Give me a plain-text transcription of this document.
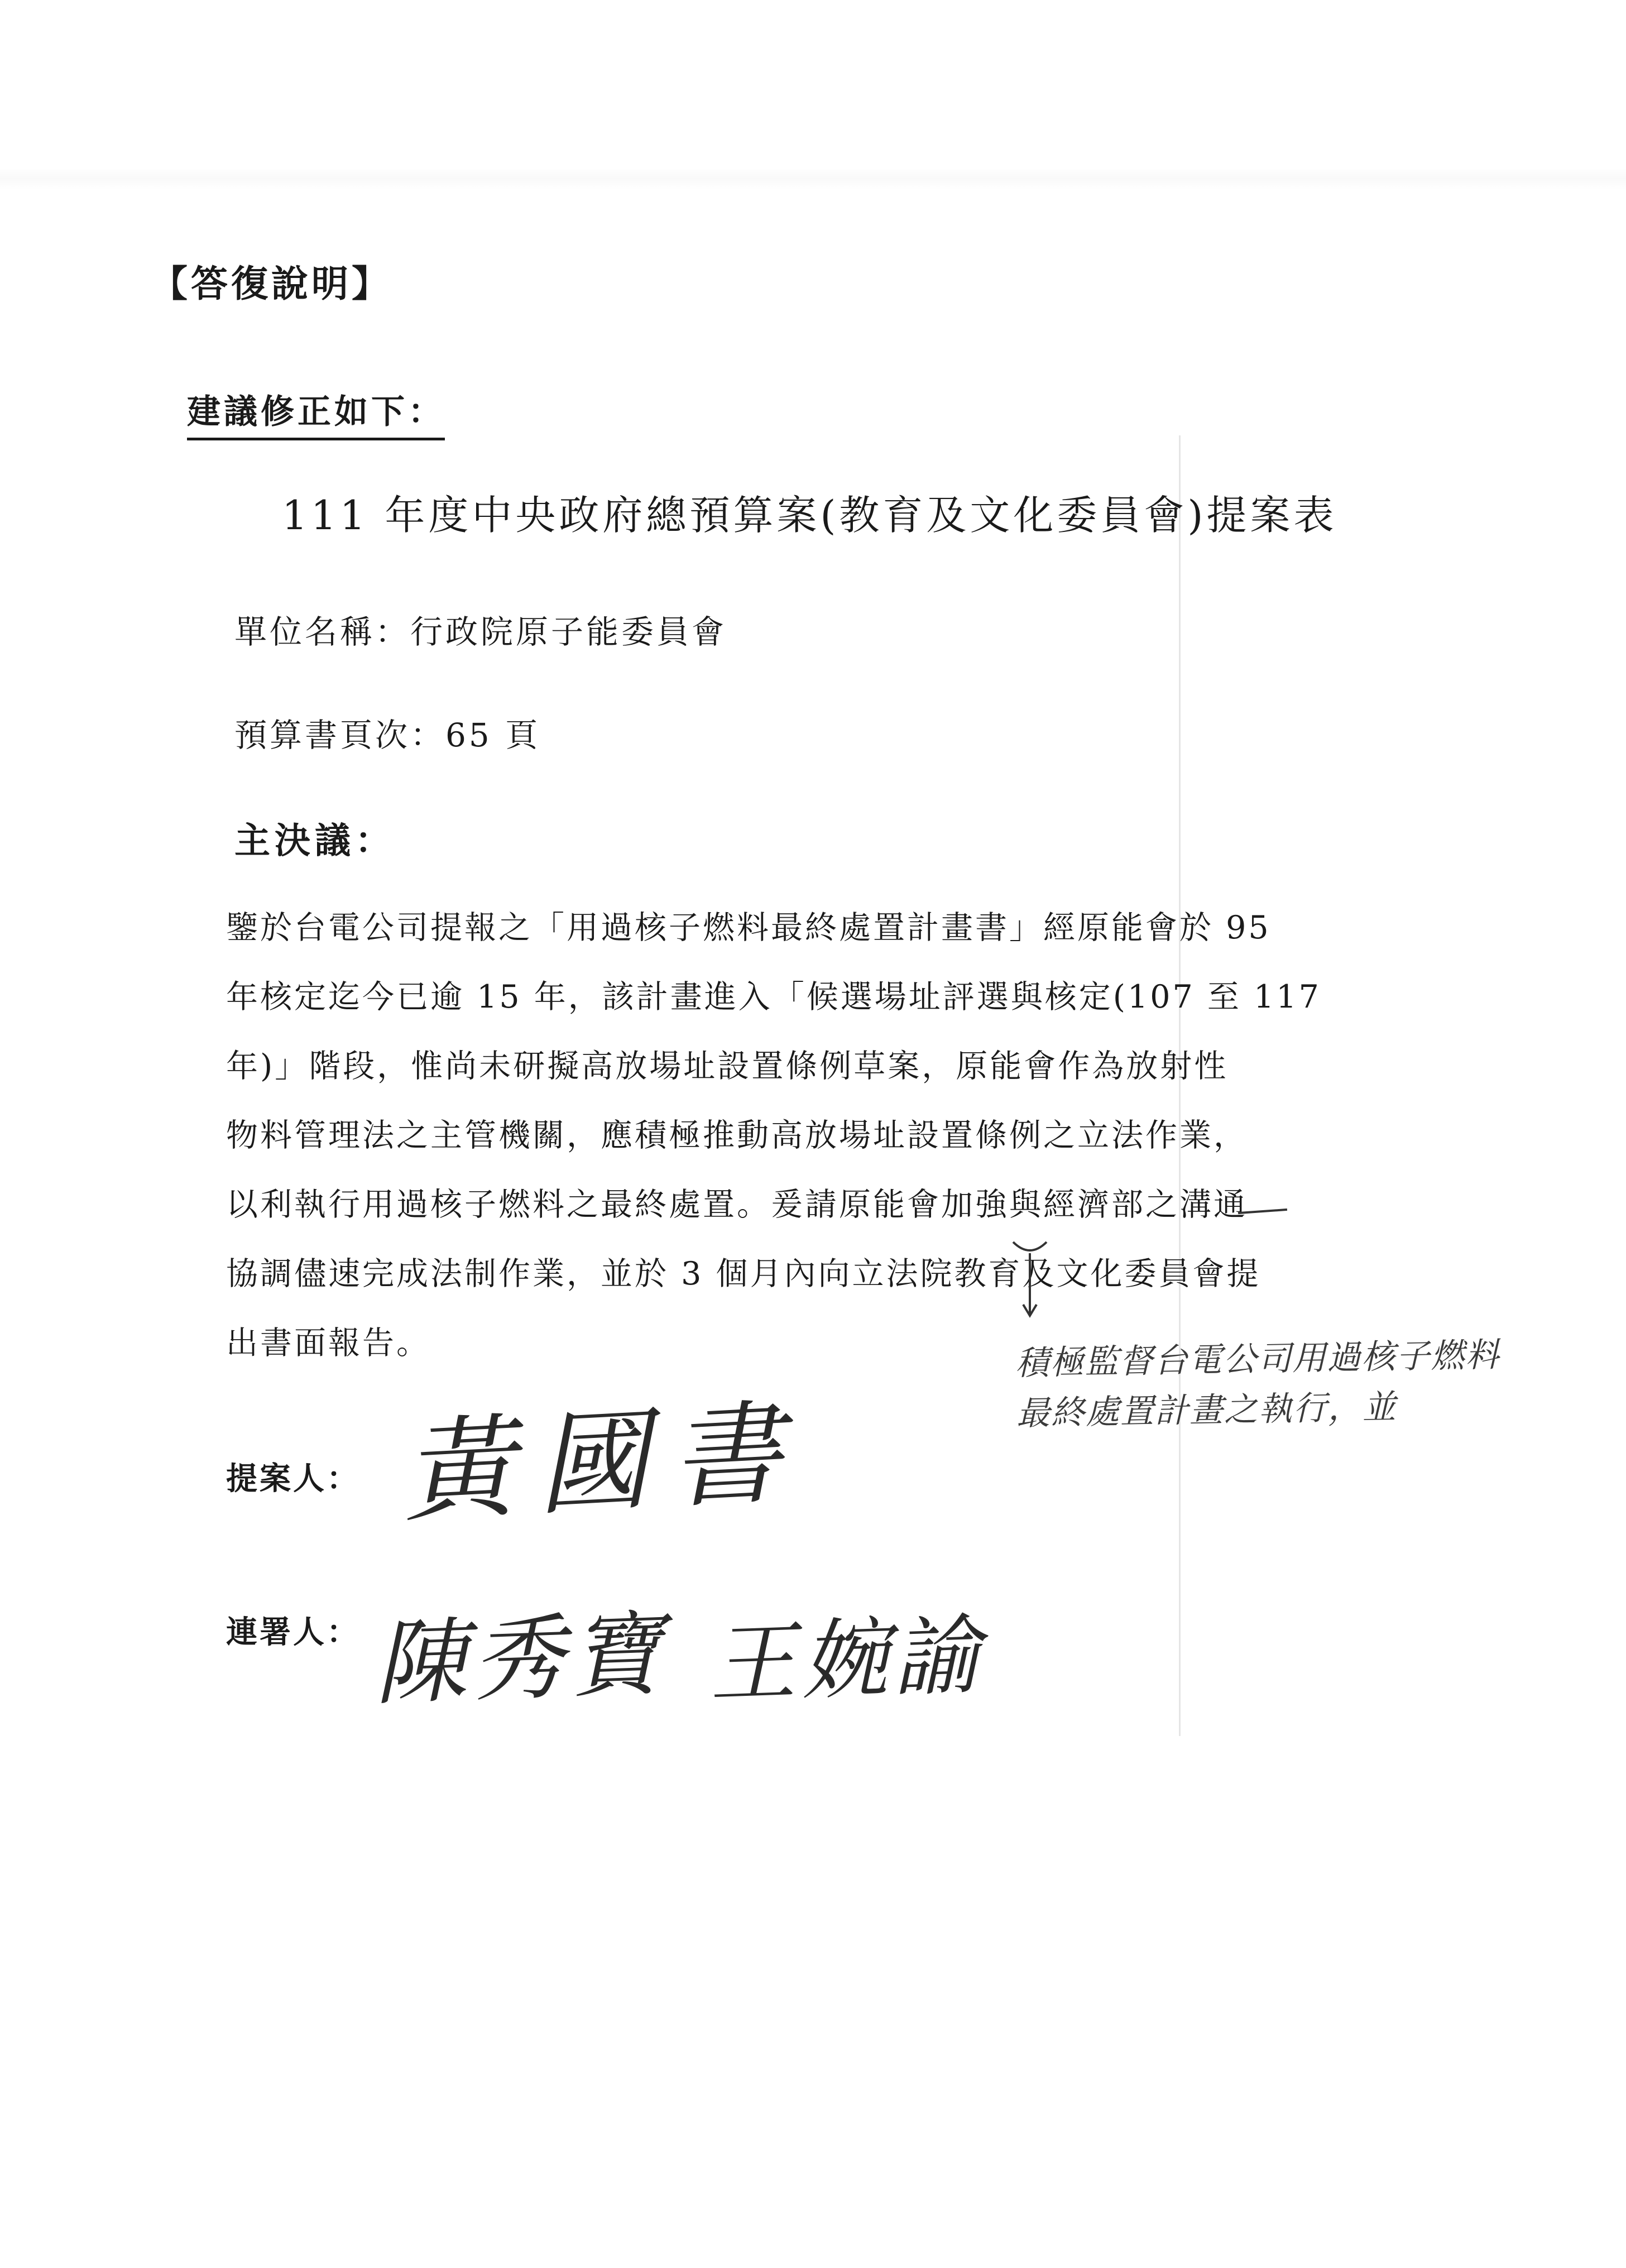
【答復說明】
建議修正如下：
111 年度中央政府總預算案(教育及文化委員會)提案表
單位名稱：行政院原子能委員會
預算書頁次：65 頁
主決議：
鑒於台電公司提報之「用過核子燃料最終處置計畫書」經原能會於 95
年核定迄今已逾 15 年，該計畫進入「候選場址評選與核定(107 至 117
年)」階段，惟尚未研擬高放場址設置條例草案，原能會作為放射性
物料管理法之主管機關，應積極推動高放場址設置條例之立法作業，
以利執行用過核子燃料之最終處置。爰請原能會加強與經濟部之溝通
協調儘速完成法制作業，並於 3 個月內向立法院教育及文化委員會提
出書面報告。	積極監督台電公司用過核子燃料
最終處置計畫之執行，並
提案人： 黃國書
連署人： 陳秀寶 王婉諭
